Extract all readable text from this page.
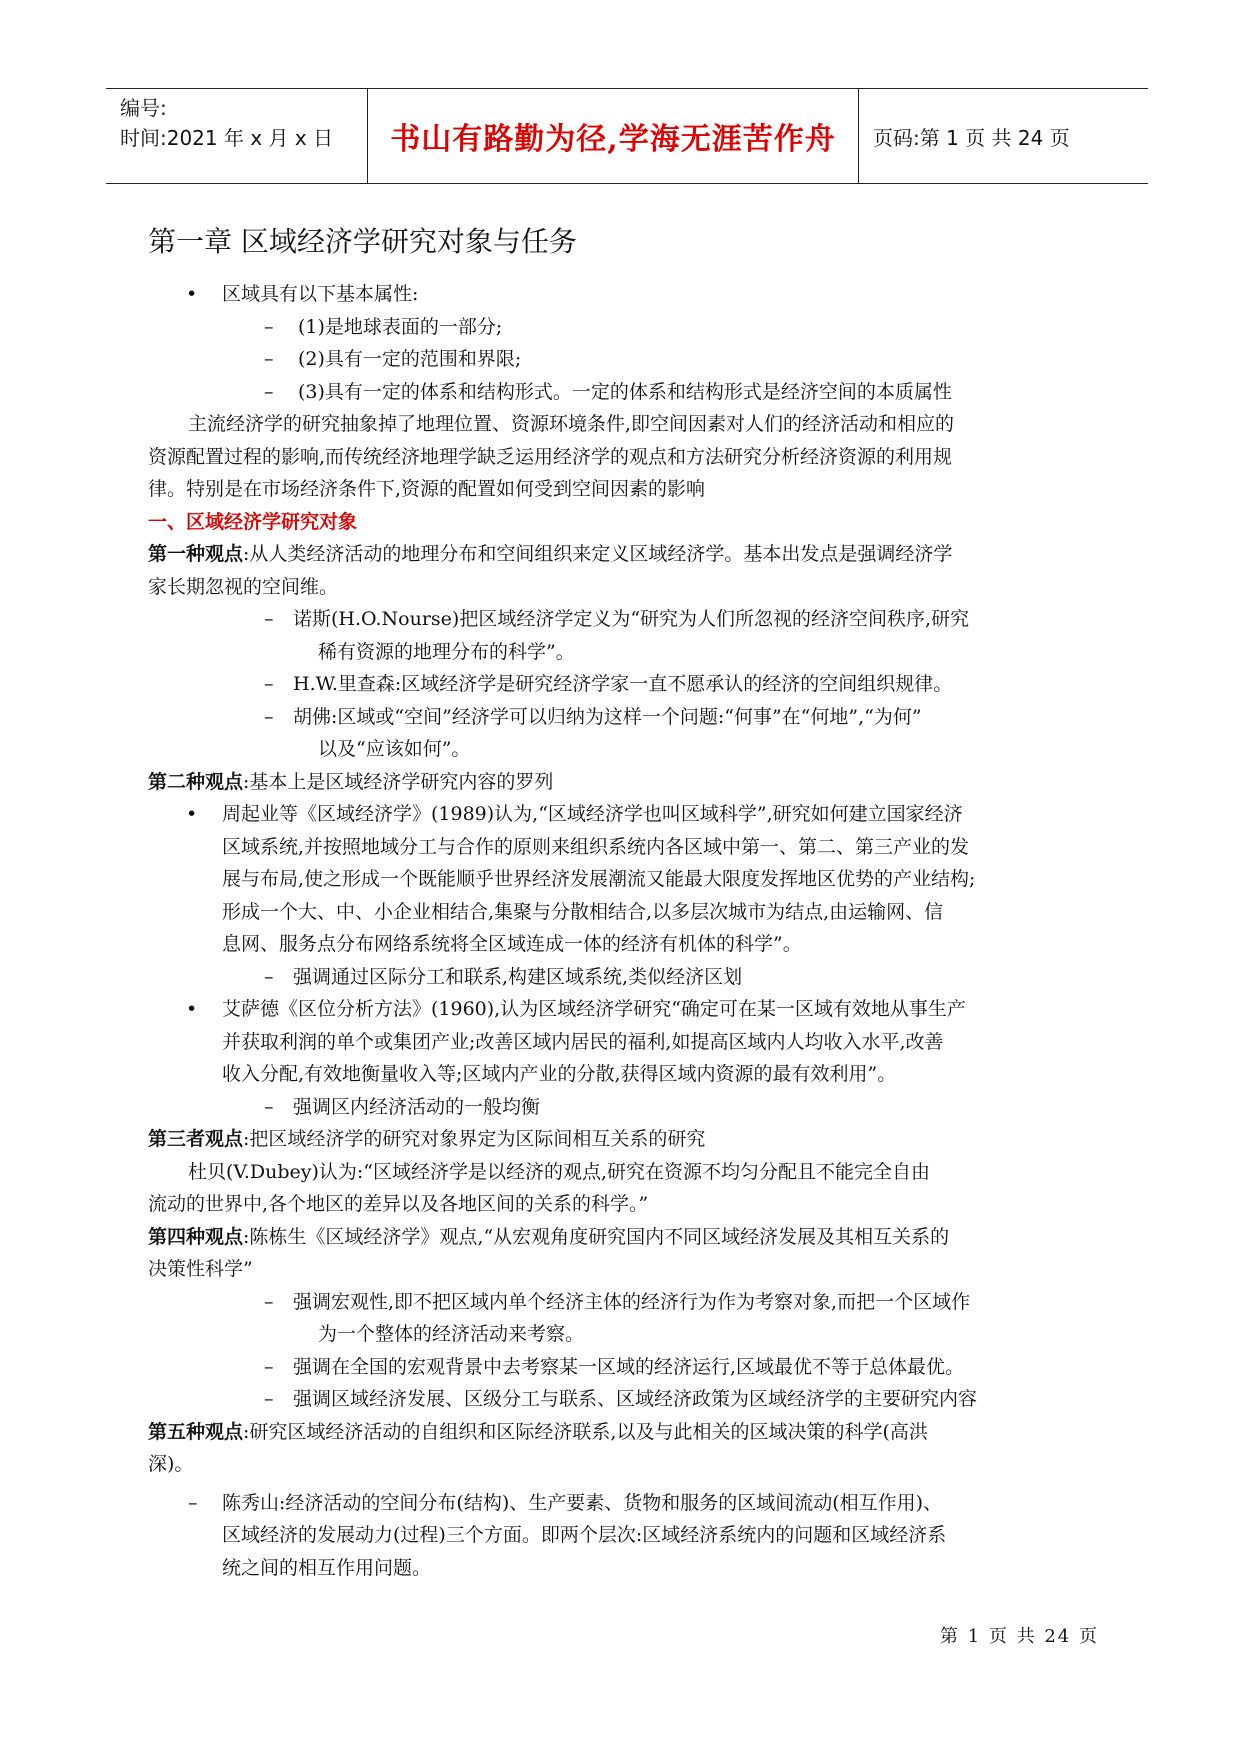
编号:
时间:2021 年 x 月 x 日	书山有路勤为径,学海无涯苦作舟 页码:第 1 页 共 24 页
第一章 区域经济学研究对象与任务

• 区域具有以下基本属性:

– (1)是地球表面的一部分;

– (2)具有一定的范围和界限;

– (3)具有一定的体系和结构形式。一定的体系和结构形式是经济空间的本质属性

主流经济学的研究抽象掉了地理位置、资源环境条件,即空间因素对人们的经济活动和相应的

资源配置过程的影响,而传统经济地理学缺乏运用经济学的观点和方法研究分析经济资源的利用规

律。特别是在市场经济条件下,资源的配置如何受到空间因素的影响

一、区域经济学研究对象

第一种观点:从人类经济活动的地理分布和空间组织来定义区域经济学。基本出发点是强调经济学

家长期忽视的空间维。

– 诺斯(H.O.Nourse)把区域经济学定义为“研究为人们所忽视的经济空间秩序,研究

稀有资源的地理分布的科学”。

– H.W.里查森:区域经济学是研究经济学家一直不愿承认的经济的空间组织规律。

– 胡佛:区域或“空间”经济学可以归纳为这样一个问题:“何事”在“何地”,“为何”

以及“应该如何”。

第二种观点:基本上是区域经济学研究内容的罗列

• 周起业等《区域经济学》(1989)认为,“区域经济学也叫区域科学”,研究如何建立国家经济

区域系统,并按照地域分工与合作的原则来组织系统内各区域中第一、第二、第三产业的发

展与布局,使之形成一个既能顺乎世界经济发展潮流又能最大限度发挥地区优势的产业结构;

形成一个大、中、小企业相结合,集聚与分散相结合,以多层次城市为结点,由运输网、信

息网、服务点分布网络系统将全区域连成一体的经济有机体的科学”。

– 强调通过区际分工和联系,构建区域系统,类似经济区划

• 艾萨德《区位分析方法》(1960),认为区域经济学研究“确定可在某一区域有效地从事生产

并获取利润的单个或集团产业;改善区域内居民的福利,如提高区域内人均收入水平,改善

收入分配,有效地衡量收入等;区域内产业的分散,获得区域内资源的最有效利用”。

– 强调区内经济活动的一般均衡

第三者观点:把区域经济学的研究对象界定为区际间相互关系的研究

杜贝(V.Dubey)认为:“区域经济学是以经济的观点,研究在资源不均匀分配且不能完全自由

流动的世界中,各个地区的差异以及各地区间的关系的科学。”

第四种观点:陈栋生《区域经济学》观点,“从宏观角度研究国内不同区域经济发展及其相互关系的

决策性科学”

– 强调宏观性,即不把区域内单个经济主体的经济行为作为考察对象,而把一个区域作

为一个整体的经济活动来考察。

– 强调在全国的宏观背景中去考察某一区域的经济运行,区域最优不等于总体最优。

– 强调区域经济发展、区级分工与联系、区域经济政策为区域经济学的主要研究内容

第五种观点:研究区域经济活动的自组织和区际经济联系,以及与此相关的区域决策的科学(高洪

深)。

– 陈秀山:经济活动的空间分布(结构)、生产要素、货物和服务的区域间流动(相互作用)、

区域经济的发展动力(过程)三个方面。即两个层次:区域经济系统内的问题和区域经济系

统之间的相互作用问题。

第 1 页 共 24 页
